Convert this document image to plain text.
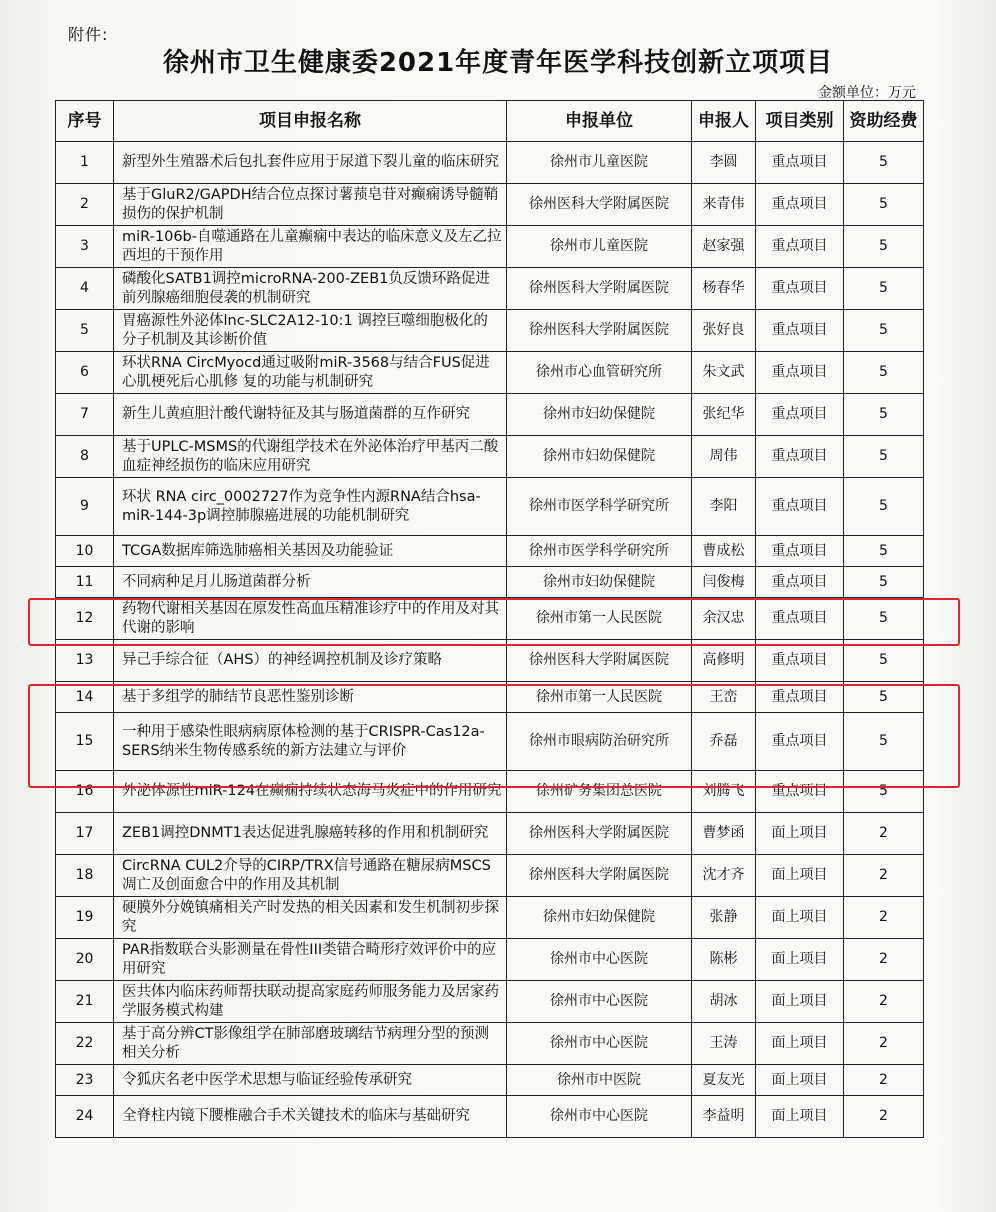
附件:
徐州市卫生健康委2021年度青年医学科技创新立项项目
金额单位：万元
序号	项目申报名称	申报单位	申报人	项目类别	资助经费
1	新型外生殖器术后包扎套件应用于尿道下裂儿童的临床研究	徐州市儿童医院	李圆	重点项目	5
2	基于GluR2/GAPDH结合位点探讨薯蓣皂苷对癫痫诱导髓鞘损伤的保护机制	徐州医科大学附属医院	来青伟	重点项目	5
3	miR-106b-自噬通路在儿童癫痫中表达的临床意义及左乙拉西坦的干预作用	徐州市儿童医院	赵家强	重点项目	5
4	磷酸化SATB1调控microRNA-200-ZEB1负反馈环路促进前列腺癌细胞侵袭的机制研究	徐州医科大学附属医院	杨春华	重点项目	5
5	胃癌源性外泌体lnc-SLC2A12-10:1 调控巨噬细胞极化的分子机制及其诊断价值	徐州医科大学附属医院	张好良	重点项目	5
6	环状RNA CircMyocd通过吸附miR-3568与结合FUS促进心肌梗死后心肌修 复的功能与机制研究	徐州市心血管研究所	朱文武	重点项目	5
7	新生儿黄疸胆汁酸代谢特征及其与肠道菌群的互作研究	徐州市妇幼保健院	张纪华	重点项目	5
8	基于UPLC-MSMS的代谢组学技术在外泌体治疗甲基丙二酸血症神经损伤的临床应用研究	徐州市妇幼保健院	周伟	重点项目	5
9	环状 RNA circ_0002727作为竞争性内源RNA结合hsa-miR-144-3p调控肺腺癌进展的功能机制研究	徐州市医学科学研究所	李阳	重点项目	5
10	TCGA数据库筛选肺癌相关基因及功能验证	徐州市医学科学研究所	曹成松	重点项目	5
11	不同病种足月儿肠道菌群分析	徐州市妇幼保健院	闫俊梅	重点项目	5
12	药物代谢相关基因在原发性高血压精准诊疗中的作用及对其代谢的影响	徐州市第一人民医院	余汉忠	重点项目	5
13	异己手综合征（AHS）的神经调控机制及诊疗策略	徐州医科大学附属医院	高修明	重点项目	5
14	基于多组学的肺结节良恶性鉴别诊断	徐州市第一人民医院	王峦	重点项目	5
15	一种用于感染性眼病病原体检测的基于CRISPR-Cas12a-SERS纳米生物传感系统的新方法建立与评价	徐州市眼病防治研究所	乔磊	重点项目	5
16	外泌体源性miR-124在癫痫持续状态海马炎症中的作用研究	徐州矿务集团总医院	刘腾飞	重点项目	5
17	ZEB1调控DNMT1表达促进乳腺癌转移的作用和机制研究	徐州医科大学附属医院	曹梦函	面上项目	2
18	CircRNA CUL2介导的CIRP/TRX信号通路在糖尿病MSCS凋亡及创面愈合中的作用及其机制	徐州医科大学附属医院	沈才齐	面上项目	2
19	硬膜外分娩镇痛相关产时发热的相关因素和发生机制初步探究	徐州市妇幼保健院	张静	面上项目	2
20	PAR指数联合头影测量在骨性III类错合畸形疗效评价中的应用研究	徐州市中心医院	陈彬	面上项目	2
21	医共体内临床药师帮扶联动提高家庭药师服务能力及居家药学服务模式构建	徐州市中心医院	胡冰	面上项目	2
22	基于高分辨CT影像组学在肺部磨玻璃结节病理分型的预测相关分析	徐州市中心医院	王涛	面上项目	2
23	令狐庆名老中医学术思想与临证经验传承研究	徐州市中医院	夏友光	面上项目	2
24	全脊柱内镜下腰椎融合手术关键技术的临床与基础研究	徐州市中心医院	李益明	面上项目	2
